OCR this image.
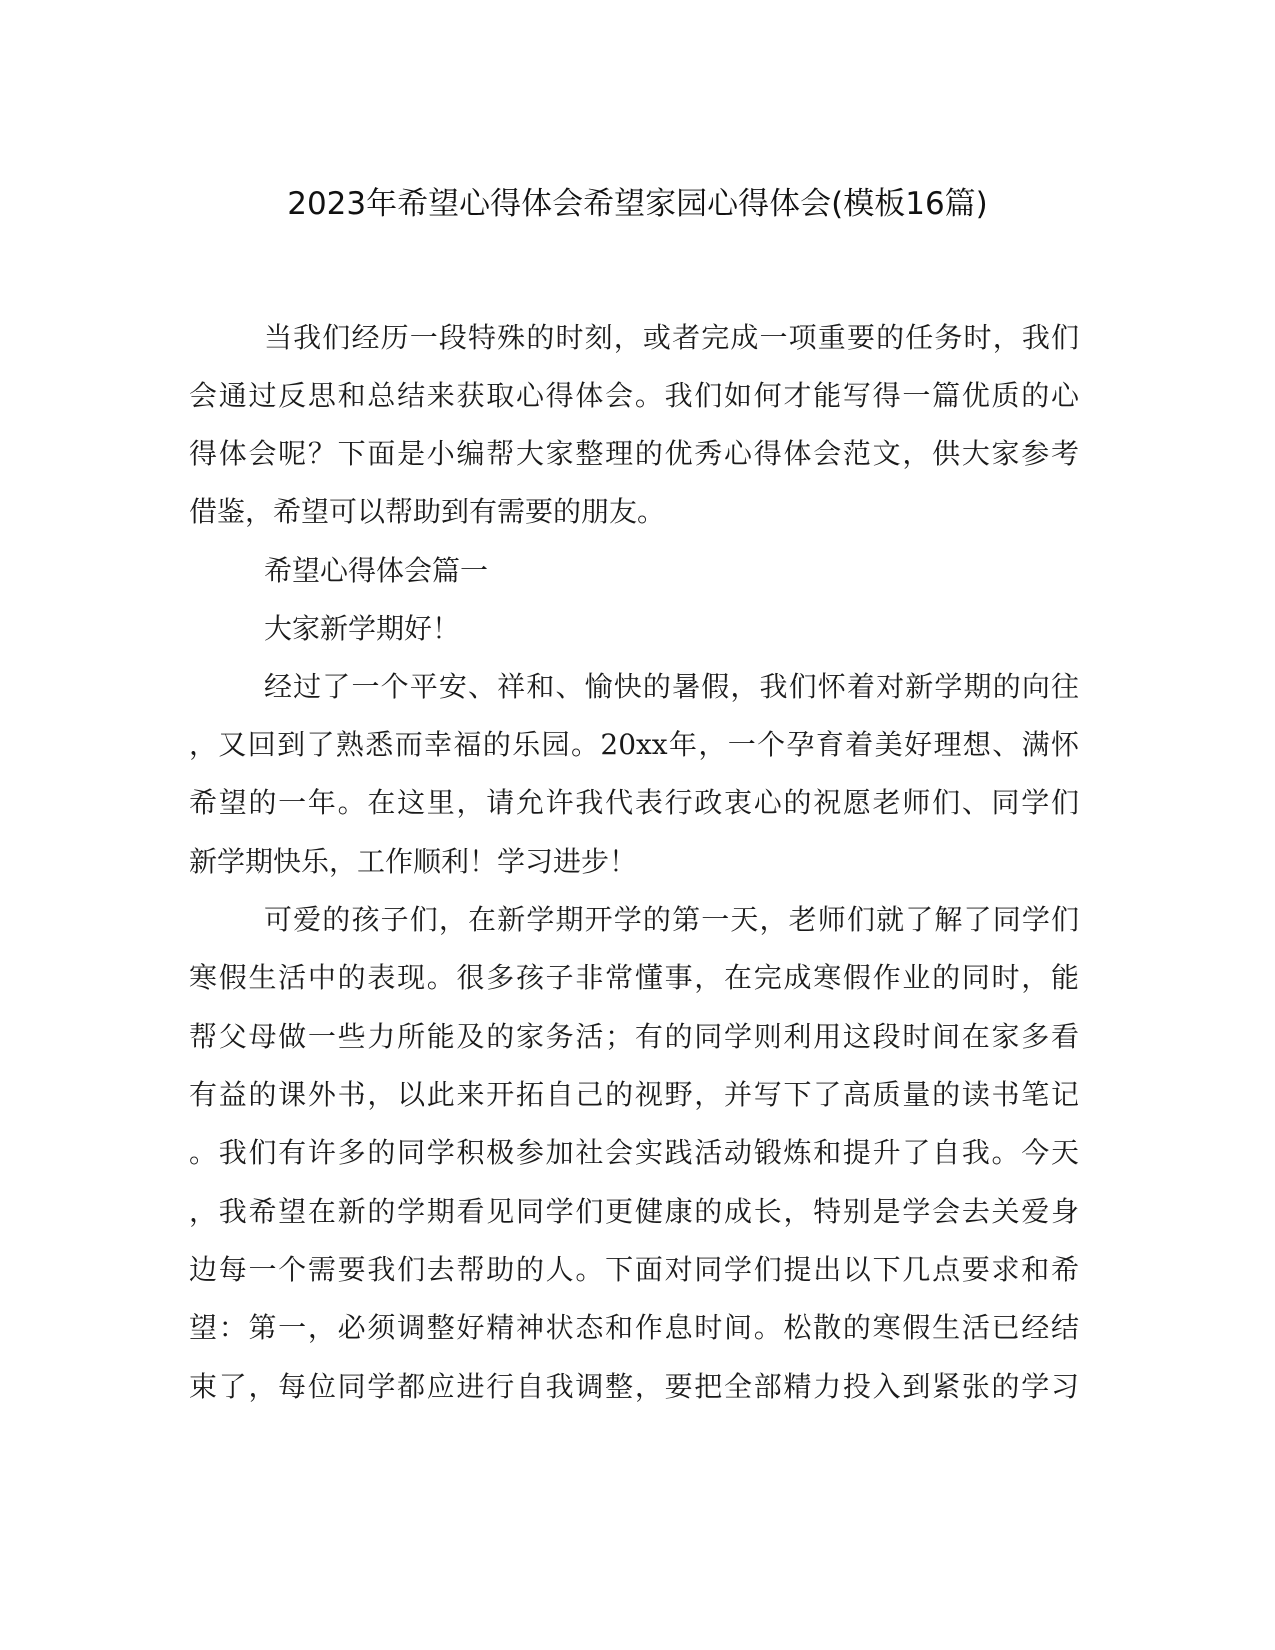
2023年希望心得体会希望家园心得体会(模板16篇)
当我们经历一段特殊的时刻，或者完成一项重要的任务时，我们
会通过反思和总结来获取心得体会。我们如何才能写得一篇优质的心
得体会呢？下面是小编帮大家整理的优秀心得体会范文，供大家参考
借鉴，希望可以帮助到有需要的朋友。
希望心得体会篇一
大家新学期好！
经过了一个平安、祥和、愉快的暑假，我们怀着对新学期的向往
，又回到了熟悉而幸福的乐园。20xx年，一个孕育着美好理想、满怀
希望的一年。在这里，请允许我代表行政衷心的祝愿老师们、同学们
新学期快乐，工作顺利！学习进步！
可爱的孩子们，在新学期开学的第一天，老师们就了解了同学们
寒假生活中的表现。很多孩子非常懂事，在完成寒假作业的同时，能
帮父母做一些力所能及的家务活；有的同学则利用这段时间在家多看
有益的课外书，以此来开拓自己的视野，并写下了高质量的读书笔记
。我们有许多的同学积极参加社会实践活动锻炼和提升了自我。今天
，我希望在新的学期看见同学们更健康的成长，特别是学会去关爱身
边每一个需要我们去帮助的人。下面对同学们提出以下几点要求和希
望：第一，必须调整好精神状态和作息时间。松散的寒假生活已经结
束了，每位同学都应进行自我调整，要把全部精力投入到紧张的学习
